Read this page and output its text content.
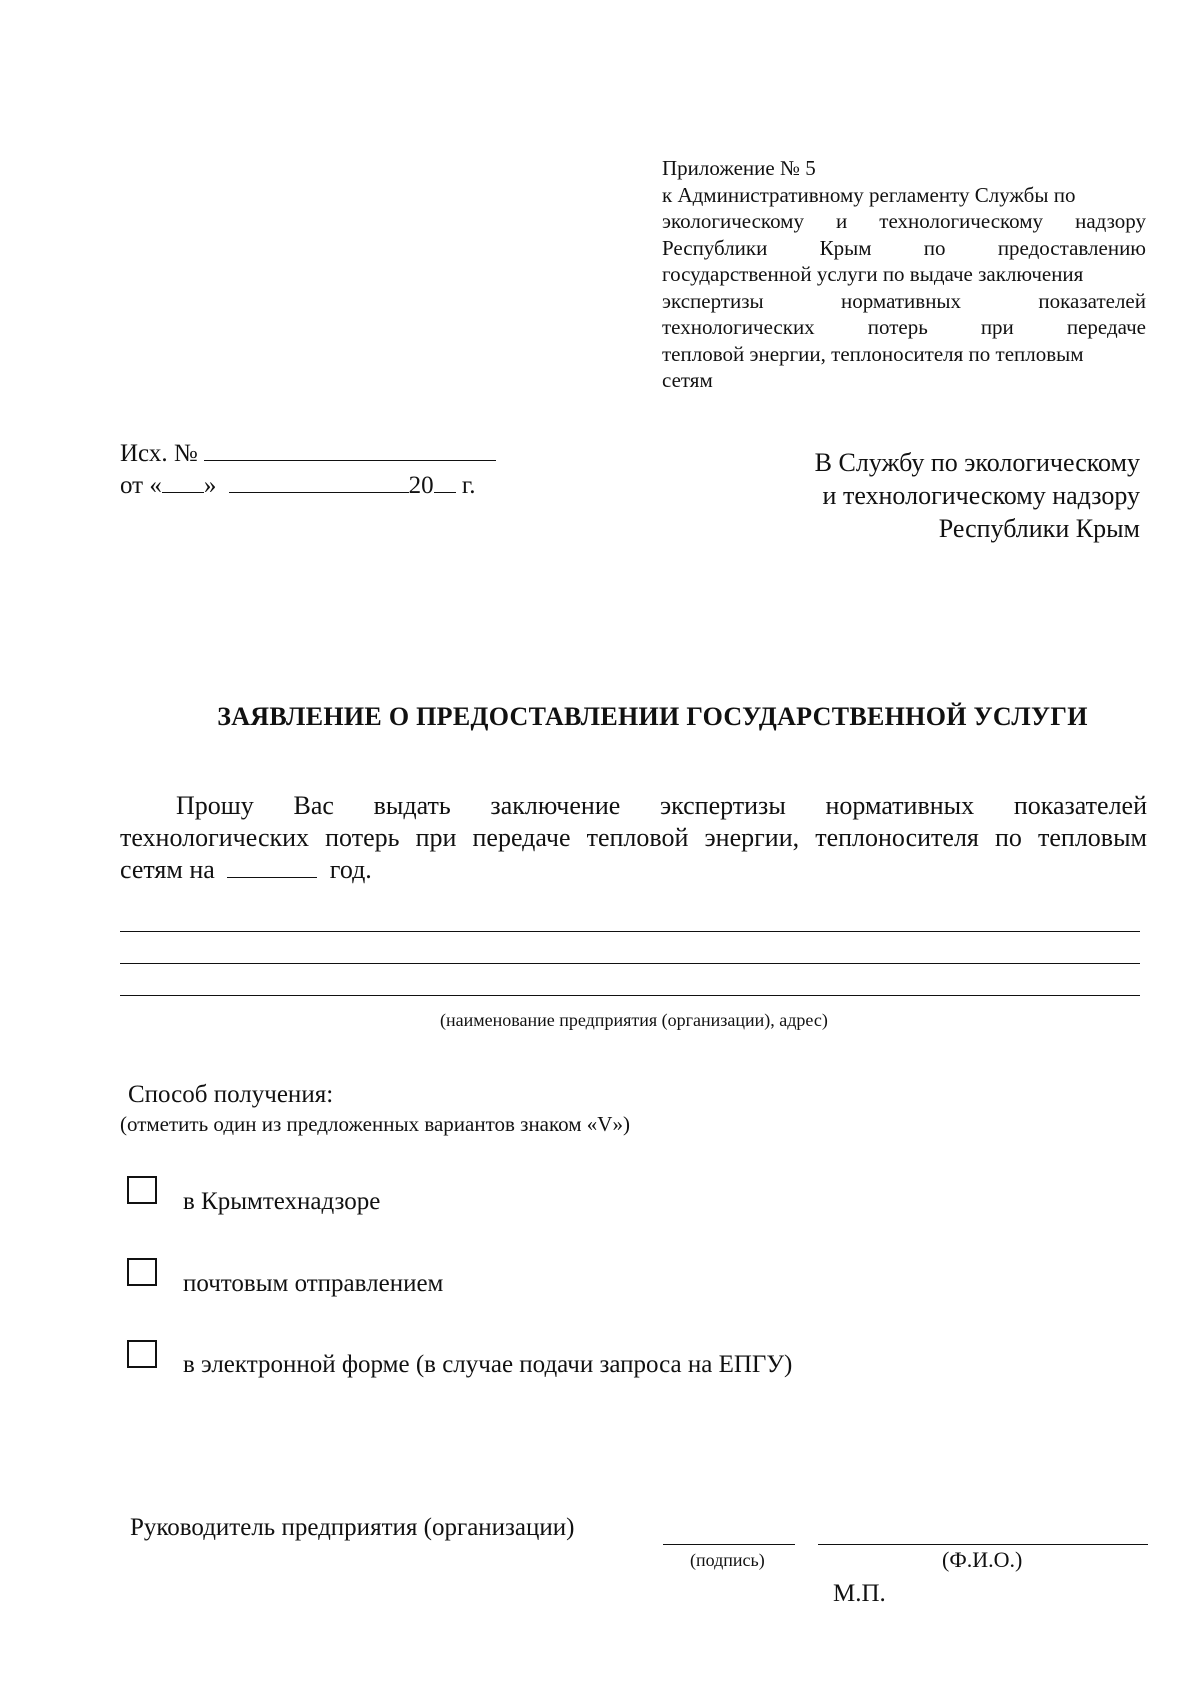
Приложение № 5
к Административному регламенту Службы по
экологическому и технологическому надзору
Республики Крым по предоставлению
государственной услуги по выдаче заключения
экспертизы нормативных показателей
технологических потерь при передаче
тепловой энергии, теплоносителя по тепловым
сетям
Исх. №
от « »	20 г.
В Службу по экологическому
и технологическому надзору
Республики Крым
ЗАЯВЛЕНИЕ О ПРЕДОСТАВЛЕНИИ ГОСУДАРСТВЕННОЙ УСЛУГИ
Прошу Вас выдать заключение экспертизы нормативных показателей
технологических потерь при передаче тепловой энергии, теплоносителя по тепловым
сетям на	год.
(наименование предприятия (организации), адрес)
Способ получения:
(отметить один из предложенных вариантов знаком «V»)
в Крымтехнадзоре
почтовым отправлением
в электронной форме (в случае подачи запроса на ЕПГУ)
Руководитель предприятия (организации)
(подпись)	(Ф.И.О.)
М.П.
